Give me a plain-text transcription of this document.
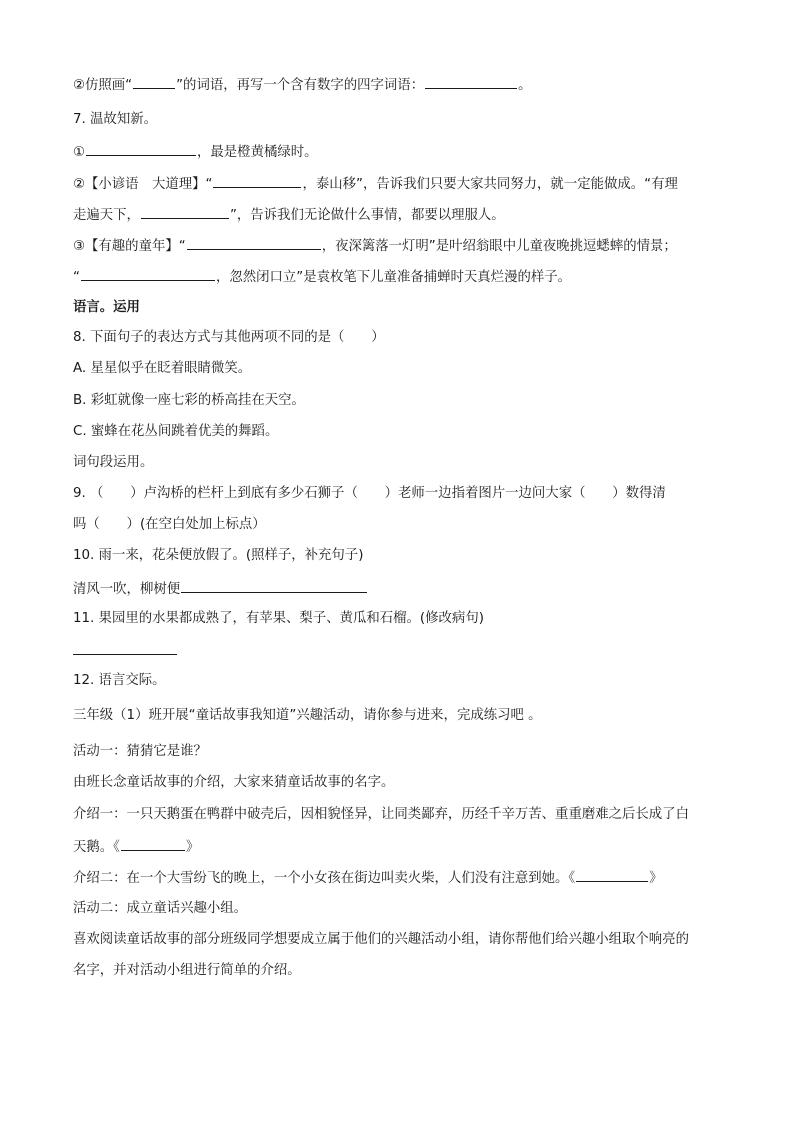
②仿照画“	”的词语，再写一个含有数字的四字词语：	。
7. 温故知新。
①	，最是橙黄橘绿时。
②【小谚语　大道理】“	，泰山移”，告诉我们只要大家共同努力，就一定能做成。“有理
走遍天下，	”，告诉我们无论做什么事情，都要以理服人。
③【有趣的童年】“	，夜深篱落一灯明”是叶绍翁眼中儿童夜晚挑逗蟋蟀的情景；
“	，忽然闭口立”是袁枚笔下儿童准备捕蝉时天真烂漫的样子。
语言。运用
8. 下面句子的表达方式与其他两项不同的是（　　）
A. 星星似乎在眨着眼睛微笑。
B. 彩虹就像一座七彩的桥高挂在天空。
C. 蜜蜂在花丛间跳着优美的舞蹈。
词句段运用。
9. （　　）卢沟桥的栏杆上到底有多少石狮子（　　）老师一边指着图片一边问大家（　　）数得清
吗（　　）(在空白处加上标点）
10. 雨一来，花朵便放假了。(照样子，补充句子)
清风一吹，柳树便
11. 果园里的水果都成熟了，有苹果、梨子、黄瓜和石榴。(修改病句)
12. 语言交际。
三年级（1）班开展“童话故事我知道”兴趣活动，请你参与进来，完成练习吧 。
活动一：猜猜它是谁？
由班长念童话故事的介绍，大家来猜童话故事的名字。
介绍一：一只天鹅蛋在鸭群中破壳后，因相貌怪异，让同类鄙弃，历经千辛万苦、重重磨难之后长成了白
天鹅。《	》
介绍二：在一个大雪纷飞的晚上，一个小女孩在街边叫卖火柴，人们没有注意到她。《	》
活动二：成立童话兴趣小组。
喜欢阅读童话故事的部分班级同学想要成立属于他们的兴趣活动小组，请你帮他们给兴趣小组取个响亮的
名字，并对活动小组进行简单的介绍。
